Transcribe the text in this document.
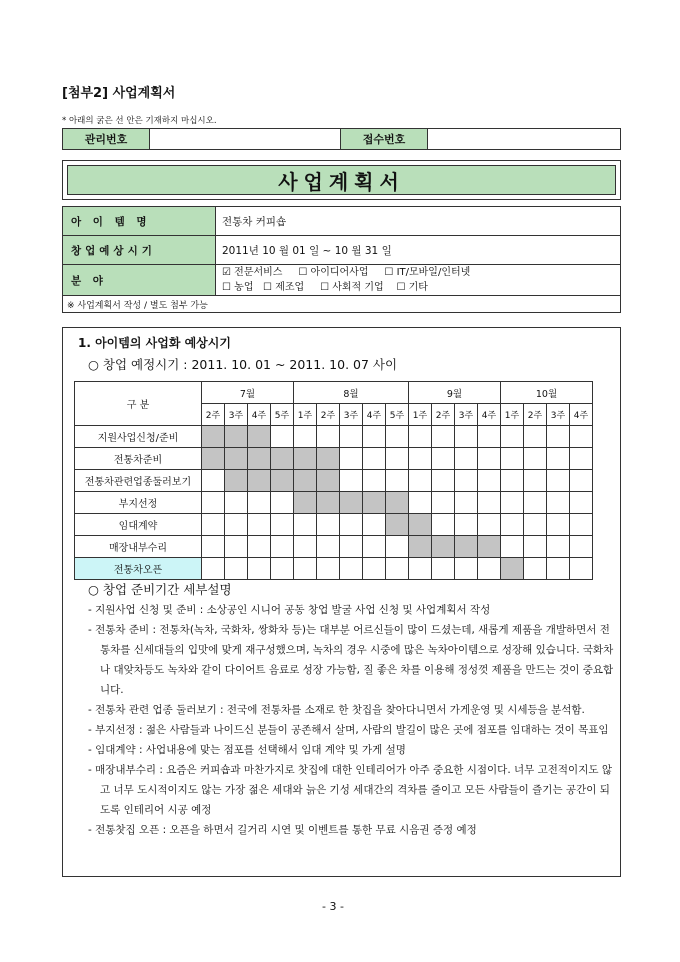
[첨부2] 사업계획서
* 아래의 굵은 선 안은 기재하지 마십시오.
관리번호		접수번호	
사업계획서
아 이 템 명	전통차 커피숍
창업예상시기	2011년 10 월 01 일 ~ 10 월 31 일
분 야	☑ 전문서비스 ☐ 아이디어사업 ☐ IT/모바일/인터넷
☐ 농업 ☐ 제조업 ☐ 사회적 기업 ☐ 기타

※ 사업계획서 작성 / 별도 첨부 가능	
1. 아이템의 사업화 예상시기
○ 창업 예정시기 : 2011. 10. 01 ~ 2011. 10. 07 사이
구 분	7월				8월					9월				10월			
	2주	3주	4주	5주	1주	2주	3주	4주	5주	1주	2주	3주	4주	1주	2주	3주	4주
지원사업신청/준비																	
전통차준비																	
전통차관련업종둘러보기																	
부지선정																	
임대계약																	
매장내부수리																	
전통차오픈																	
○ 창업 준비기간 세부설명
- 지원사업 신청 및 준비 : 소상공인 시니어 공동 창업 발굴 사업 신청 및 사업계획서 작성
- 전통차 준비 : 전통차(녹차, 국화차, 쌍화차 등)는 대부분 어르신들이 많이 드셨는데, 새롭게 제품을 개발하면서 전통차를 신세대들의 입맛에 맞게 재구성했으며, 녹차의 경우 시중에 많은 녹차아이템으로 성장해 있습니다. 국화차나 대앚차등도 녹차와 같이 다이어트 음료로 성장 가능함, 질 좋은 차를 이용해 정성껏 제품을 만드는 것이 중요합니다.
- 전통차 관련 업종 둘러보기 : 전국에 전통차를 소재로 한 찻집을 찾아다니면서 가게운영 및 시세등을 분석함.
- 부지선정 : 젊은 사람들과 나이드신 분들이 공존해서 살며, 사람의 발길이 많은 곳에 점포를 임대하는 것이 목표임
- 임대계약 : 사업내용에 맞는 점포를 선택해서 임대 계약 및 가게 설명
- 매장내부수리 : 요즘은 커피숍과 마찬가지로 찻집에 대한 인테리어가 아주 중요한 시점이다. 너무 고전적이지도 않고 너무 도시적이지도 않는 가장 젊은 세대와 늙은 기성 세대간의 격차를 줄이고 모든 사람들이 즐기는 공간이 되도록 인테리어 시공 예정
- 전통찻집 오픈 : 오픈을 하면서 길거리 시연 및 이벤트를 통한 무료 시음권 증정 예정
- 3 -
